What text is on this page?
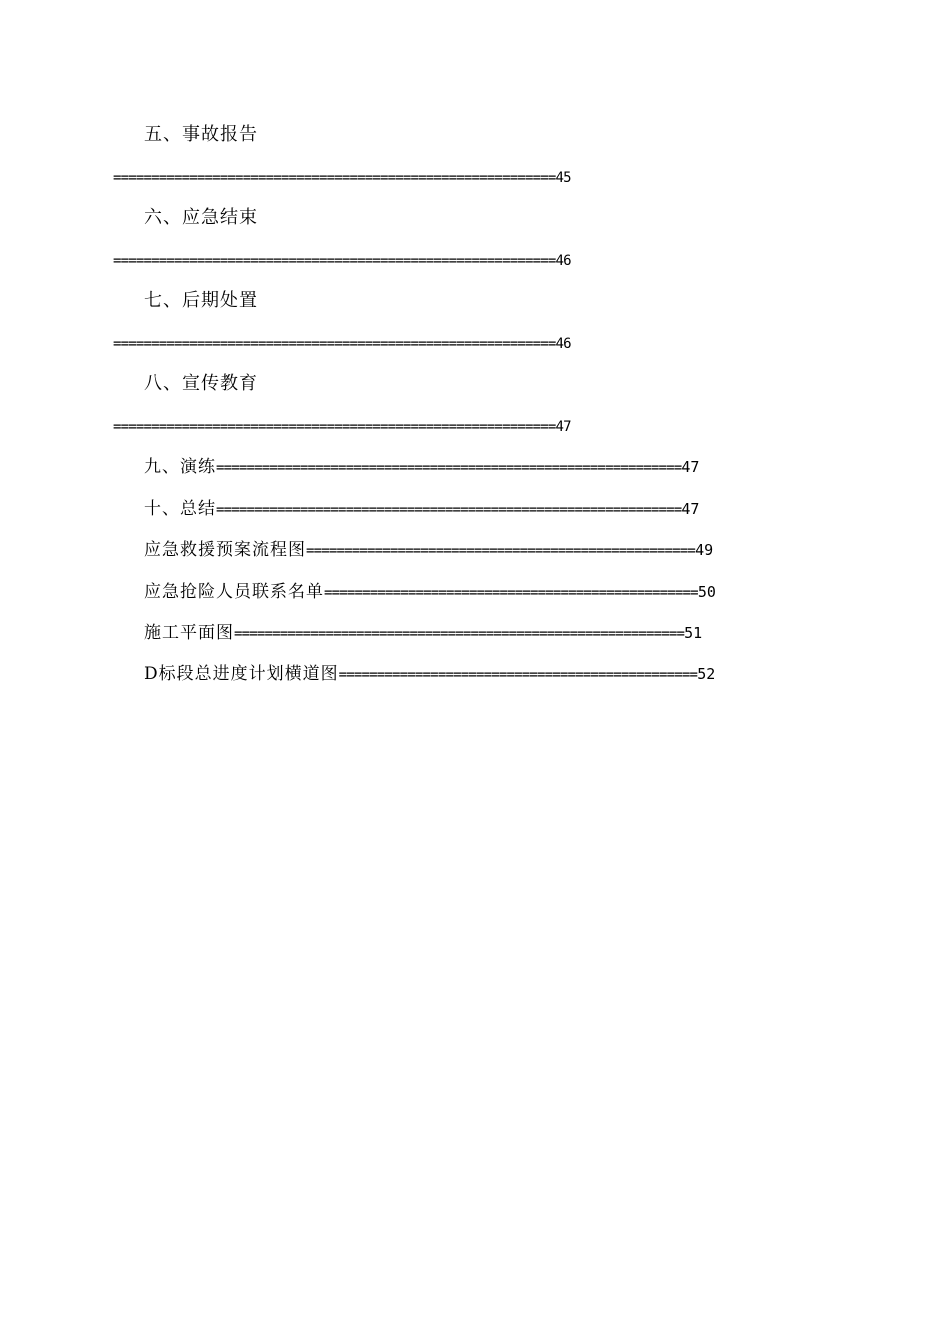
五、事故报告
==========================================================45
六、应急结束
==========================================================46
七、后期处置
==========================================================46
八、宣传教育
==========================================================47
九、演练=============================================================47
十、总结=============================================================47
应急救援预案流程图===================================================49
应急抢险人员联系名单=================================================50
施工平面图===========================================================51
D标段总进度计划横道图===============================================52
